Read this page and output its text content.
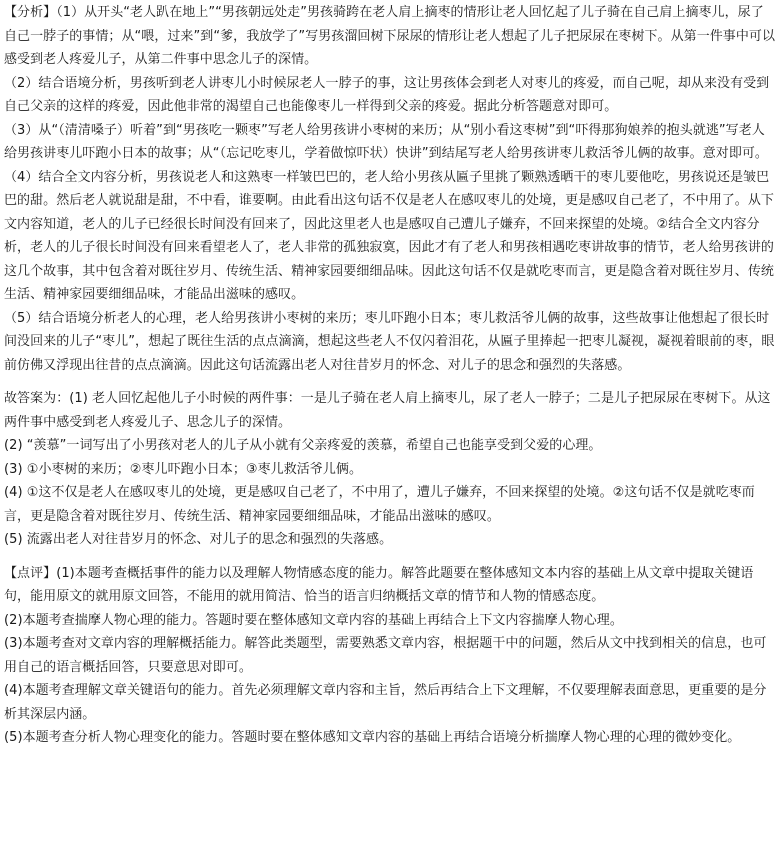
【分析】（1）从开头“老人趴在地上”“男孩朝远处走”男孩骑跨在老人肩上摘枣的情形让老人回忆起了儿子骑在自己肩上摘枣儿，尿了自己一脖子的事情；从“喂，过来”到“爹，我放学了”写男孩溜回树下尿尿的情形让老人想起了儿子把尿尿在枣树下。从第一件事中可以感受到老人疼爱儿子，从第二件事中思念儿子的深情。

（2）结合语境分析，男孩听到老人讲枣儿小时候尿老人一脖子的事，这让男孩体会到老人对枣儿的疼爱，而自己呢，却从来没有受到自己父亲的这样的疼爱，因此他非常的渴望自己也能像枣儿一样得到父亲的疼爱。据此分析答题意对即可。

（3）从“（清清嗓子）听着”到“男孩吃一颗枣”写老人给男孩讲小枣树的来历；从“别小看这枣树”到“吓得那狗娘养的抱头就逃”写老人给男孩讲枣儿吓跑小日本的故事；从“（忘记吃枣儿，学着做惊吓状）快讲”到结尾写老人给男孩讲枣儿救活爷儿俩的故事。意对即可。

（4）结合全文内容分析，男孩说老人和这熟枣一样皱巴巴的，老人给小男孩从匾子里挑了颗熟透晒干的枣儿要他吃，男孩说还是皱巴巴的甜。然后老人就说甜是甜，不中看，谁要啊。由此看出这句话不仅是老人在感叹枣儿的处境，更是感叹自己老了，不中用了。从下文内容知道，老人的儿子已经很长时间没有回来了，因此这里老人也是感叹自己遭儿子嫌弃，不回来探望的处境。②结合全文内容分析，老人的儿子很长时间没有回来看望老人了，老人非常的孤独寂寞，因此才有了老人和男孩相遇吃枣讲故事的情节，老人给男孩讲的这几个故事，其中包含着对既往岁月、传统生活、精神家园要细细品味。因此这句话不仅是就吃枣而言，更是隐含着对既往岁月、传统生活、精神家园要细细品味，才能品出滋味的感叹。

（5）结合语境分析老人的心理，老人给男孩讲小枣树的来历；枣儿吓跑小日本；枣儿救活爷儿俩的故事，这些故事让他想起了很长时间没回来的儿子“枣儿”，想起了既往生活的点点滴滴，想起这些老人不仅闪着泪花，从匾子里捧起一把枣儿凝视，凝视着眼前的枣，眼前仿佛又浮现出往昔的点点滴滴。因此这句话流露出老人对往昔岁月的怀念、对儿子的思念和强烈的失落感。

故答案为：(1) 老人回忆起他儿子小时候的两件事：一是儿子骑在老人肩上摘枣儿，尿了老人一脖子；二是儿子把尿尿在枣树下。从这两件事中感受到老人疼爱儿子、思念儿子的深情。

(2) “羡慕”一词写出了小男孩对老人的儿子从小就有父亲疼爱的羡慕，希望自己也能享受到父爱的心理。

(3) ①小枣树的来历；②枣儿吓跑小日本；③枣儿救活爷儿俩。

(4) ①这不仅是老人在感叹枣儿的处境，更是感叹自己老了，不中用了，遭儿子嫌弃，不回来探望的处境。②这句话不仅是就吃枣而言，更是隐含着对既往岁月、传统生活、精神家园要细细品味，才能品出滋味的感叹。

(5) 流露出老人对往昔岁月的怀念、对儿子的思念和强烈的失落感。

【点评】(1)本题考查概括事件的能力以及理解人物情感态度的能力。解答此题要在整体感知文本内容的基础上从文章中提取关键语句，能用原文的就用原文回答，不能用的就用简洁、恰当的语言归纳概括文章的情节和人物的情感态度。

(2)本题考查揣摩人物心理的能力。答题时要在整体感知文章内容的基础上再结合上下文内容揣摩人物心理。

(3)本题考查对文章内容的理解概括能力。解答此类题型，需要熟悉文章内容，根据题干中的问题，然后从文中找到相关的信息，也可用自己的语言概括回答，只要意思对即可。

(4)本题考查理解文章关键语句的能力。首先必须理解文章内容和主旨，然后再结合上下文理解，不仅要理解表面意思，更重要的是分析其深层内涵。

(5)本题考查分析人物心理变化的能力。答题时要在整体感知文章内容的基础上再结合语境分析揣摩人物心理的心理的微妙变化。
